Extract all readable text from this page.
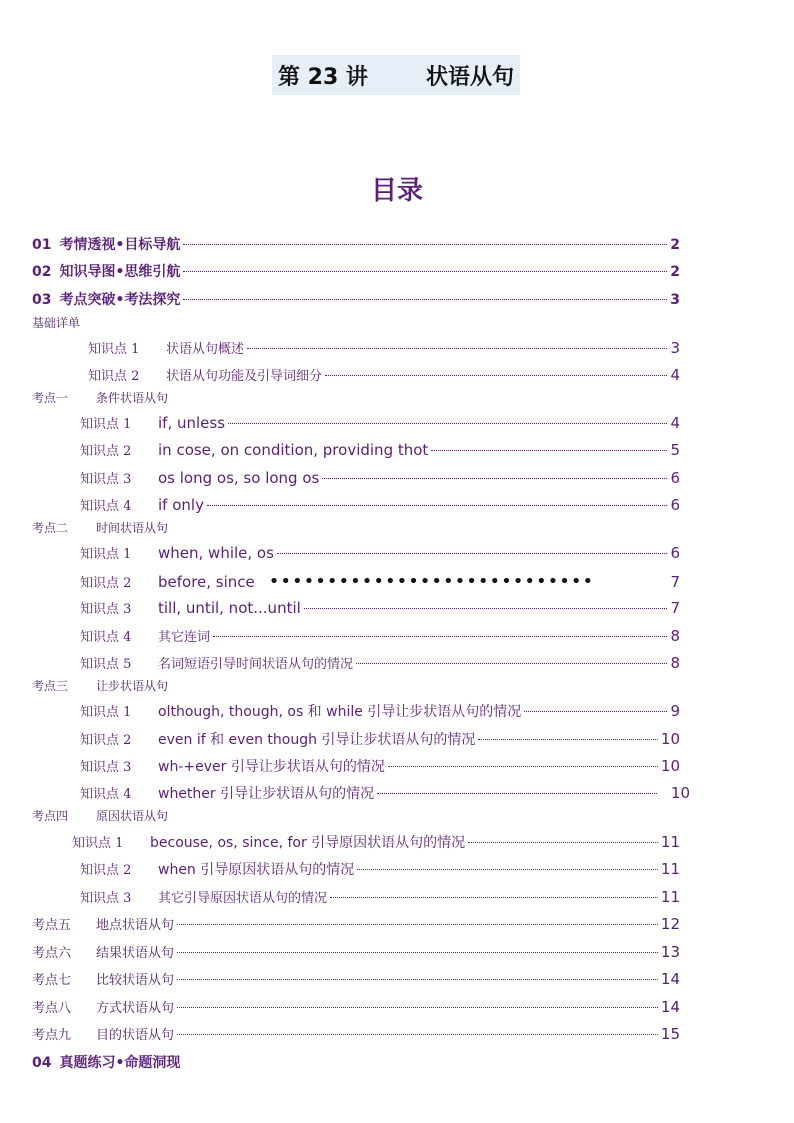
第 23 讲	状语从句
目录
01 考情透视•目标导航	2
02 知识导图•思维引航	2
03 考点突破•考法探究	3
基础详单
知识点 1	状语从句概述	3
知识点 2	状语从句功能及引导词细分	4
考点一	条件状语从句
知识点 1	if, unless	4
知识点 2	in cose, on condition, providing thot	5
知识点 3	os long os, so long os	6
知识点 4	if only	6
考点二	时间状语从句
知识点 1	when, while, os	6
知识点 2	before, since ••••••••••••••••••••••••••••	7
知识点 3	till, until, not...until	7
知识点 4	其它连词	8
知识点 5	名词短语引导时间状语从句的情况	8
考点三	让步状语从句
知识点 1	olthough, though, os 和 while 引导让步状语从句的情况	9
知识点 2	even if 和 even though 引导让步状语从句的情况	10
知识点 3	wh-+ever 引导让步状语从句的情况	10
知识点 4	whether 引导让步状语从句的情况	10
考点四	原因状语从句
知识点 1	becouse, os, since, for 引导原因状语从句的情况	11
知识点 2	when 引导原因状语从句的情况	11
知识点 3	其它引导原因状语从句的情况	11
考点五	地点状语从句	12
考点六	结果状语从句	13
考点七	比较状语从句	14
考点八	方式状语从句	14
考点九	目的状语从句	15
04 真题练习•命题洞现
